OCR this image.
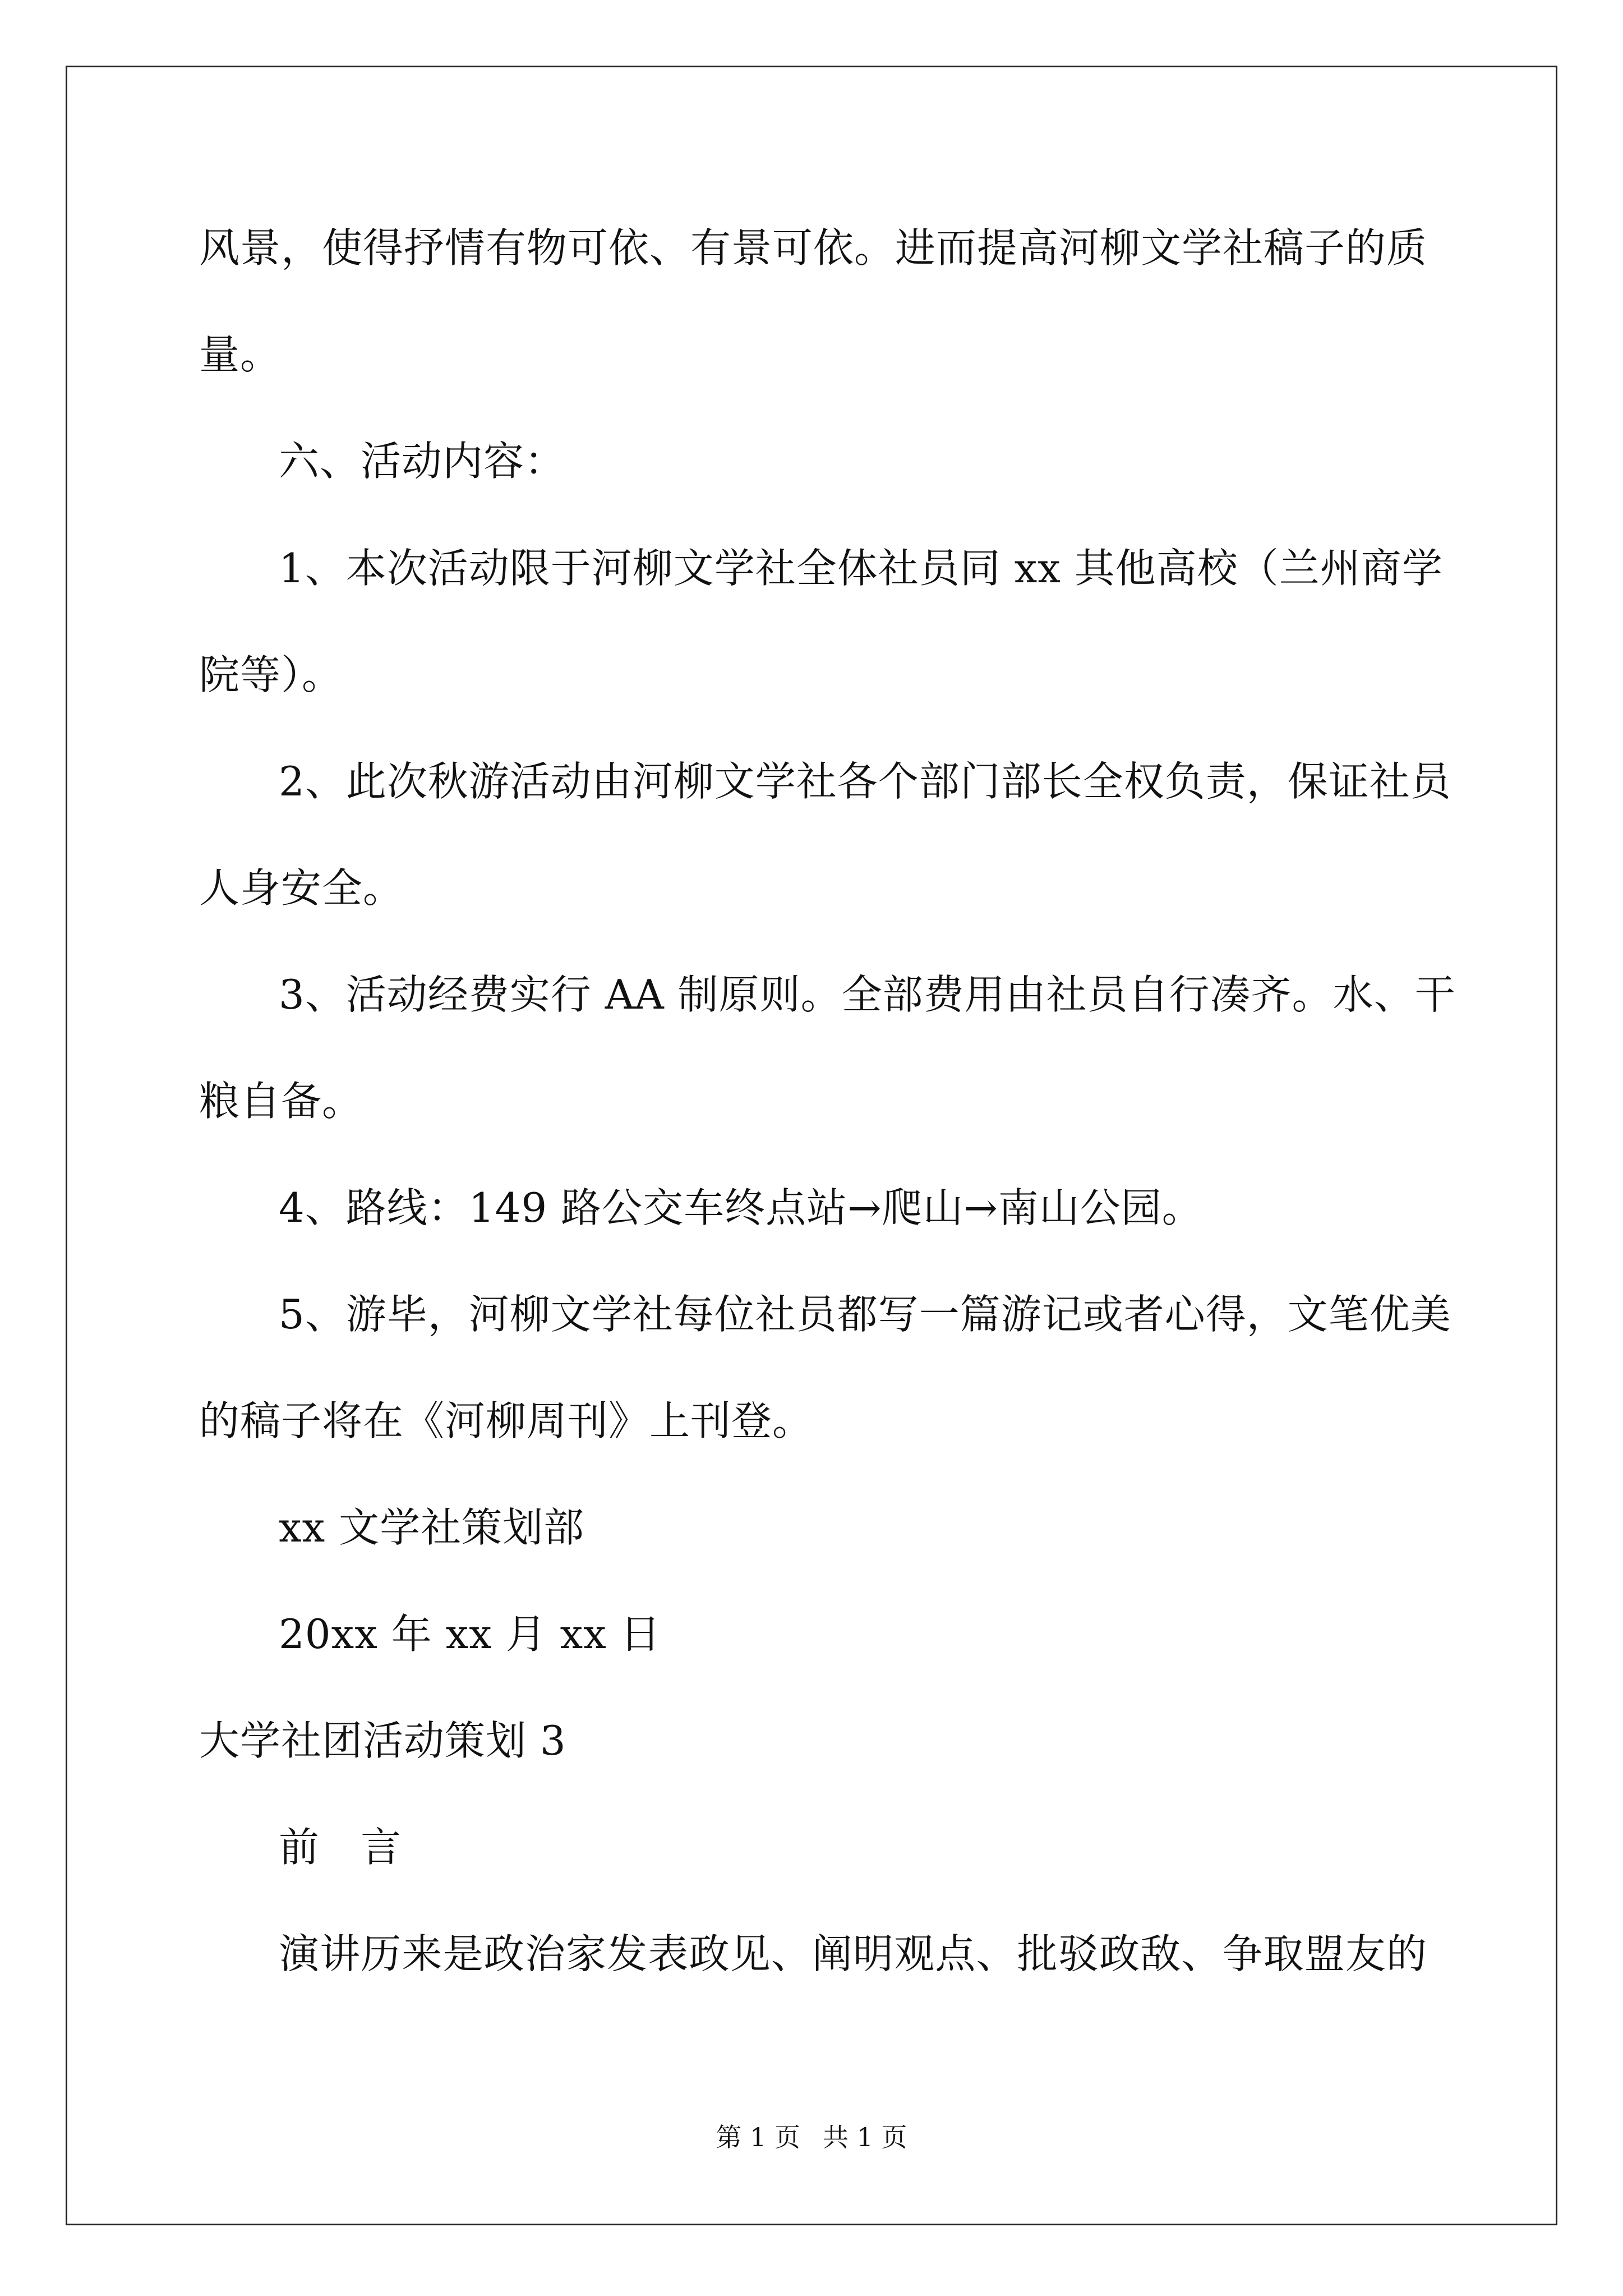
风景，使得抒情有物可依、有景可依。进而提高河柳文学社稿子的质
量。
六、活动内容：
1、本次活动限于河柳文学社全体社员同 xx 其他高校（兰州商学
院等）。
2、此次秋游活动由河柳文学社各个部门部长全权负责，保证社员
人身安全。
3、活动经费实行 AA 制原则。全部费用由社员自行凑齐。水、干
粮自备。
4、路线：149 路公交车终点站→爬山→南山公园。
5、游毕，河柳文学社每位社员都写一篇游记或者心得，文笔优美
的稿子将在《河柳周刊》上刊登。
xx 文学社策划部
20xx 年 xx 月 xx 日
大学社团活动策划 3
前　言
演讲历来是政治家发表政见、阐明观点、批驳政敌、争取盟友的
第 1 页 共 1 页
